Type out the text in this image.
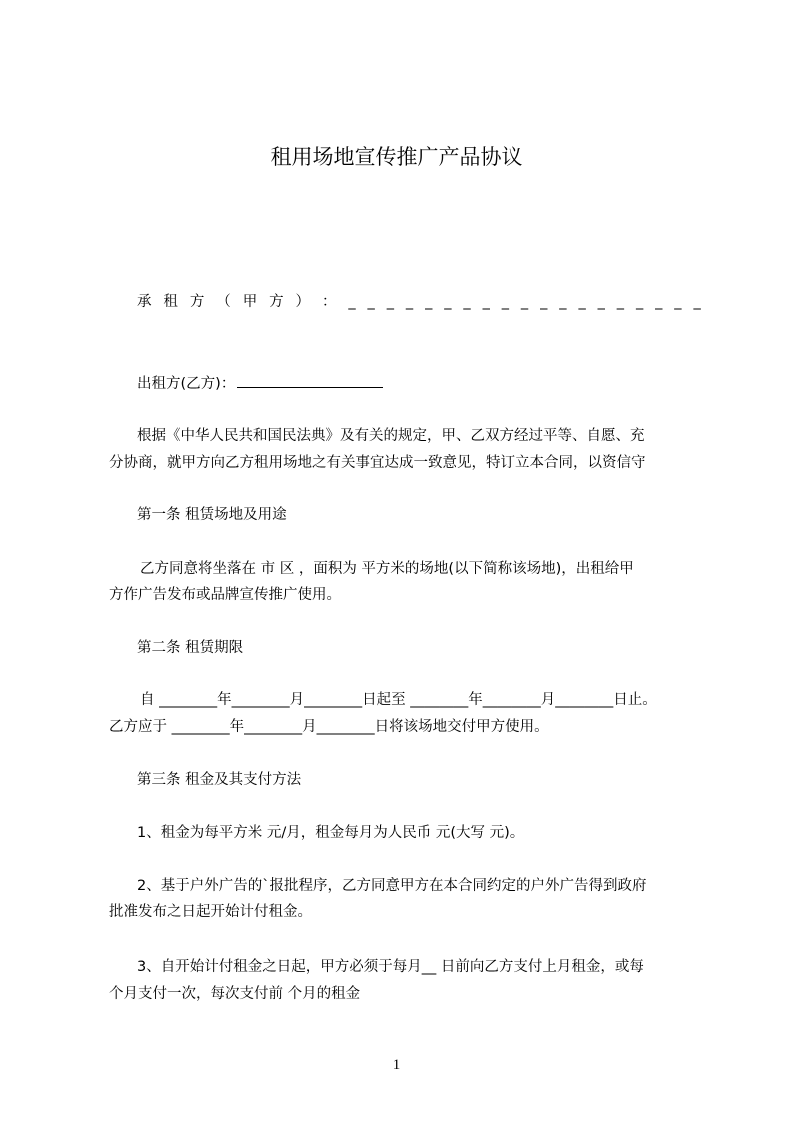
租用场地宣传推广产品协议
承 租 方 （ 甲 方 ） ： _ _ _ _ _ _ _ _ _ _ _ _ _ _ _ _ _ _ _
出租方(乙方)：
根据《中华人民共和国民法典》及有关的规定，甲、乙双方经过平等、自愿、充
分协商，就甲方向乙方租用场地之有关事宜达成一致意见，特订立本合同，以资信守
第一条 租赁场地及用途
乙方同意将坐落在 市 区 ，面积为 平方米的场地(以下简称该场地)，出租给甲
方作广告发布或品牌宣传推广使用。
第二条 租赁期限
自 ________年________月________日起至 ________年________月________日止。
乙方应于 ________年________月________日将该场地交付甲方使用。
第三条 租金及其支付方法
1、租金为每平方米 元/月，租金每月为人民币 元(大写 元)。
2、基于户外广告的`报批程序，乙方同意甲方在本合同约定的户外广告得到政府
批准发布之日起开始计付租金。
3、自开始计付租金之日起，甲方必须于每月__ 日前向乙方支付上月租金，或每
个月支付一次，每次支付前 个月的租金
1
